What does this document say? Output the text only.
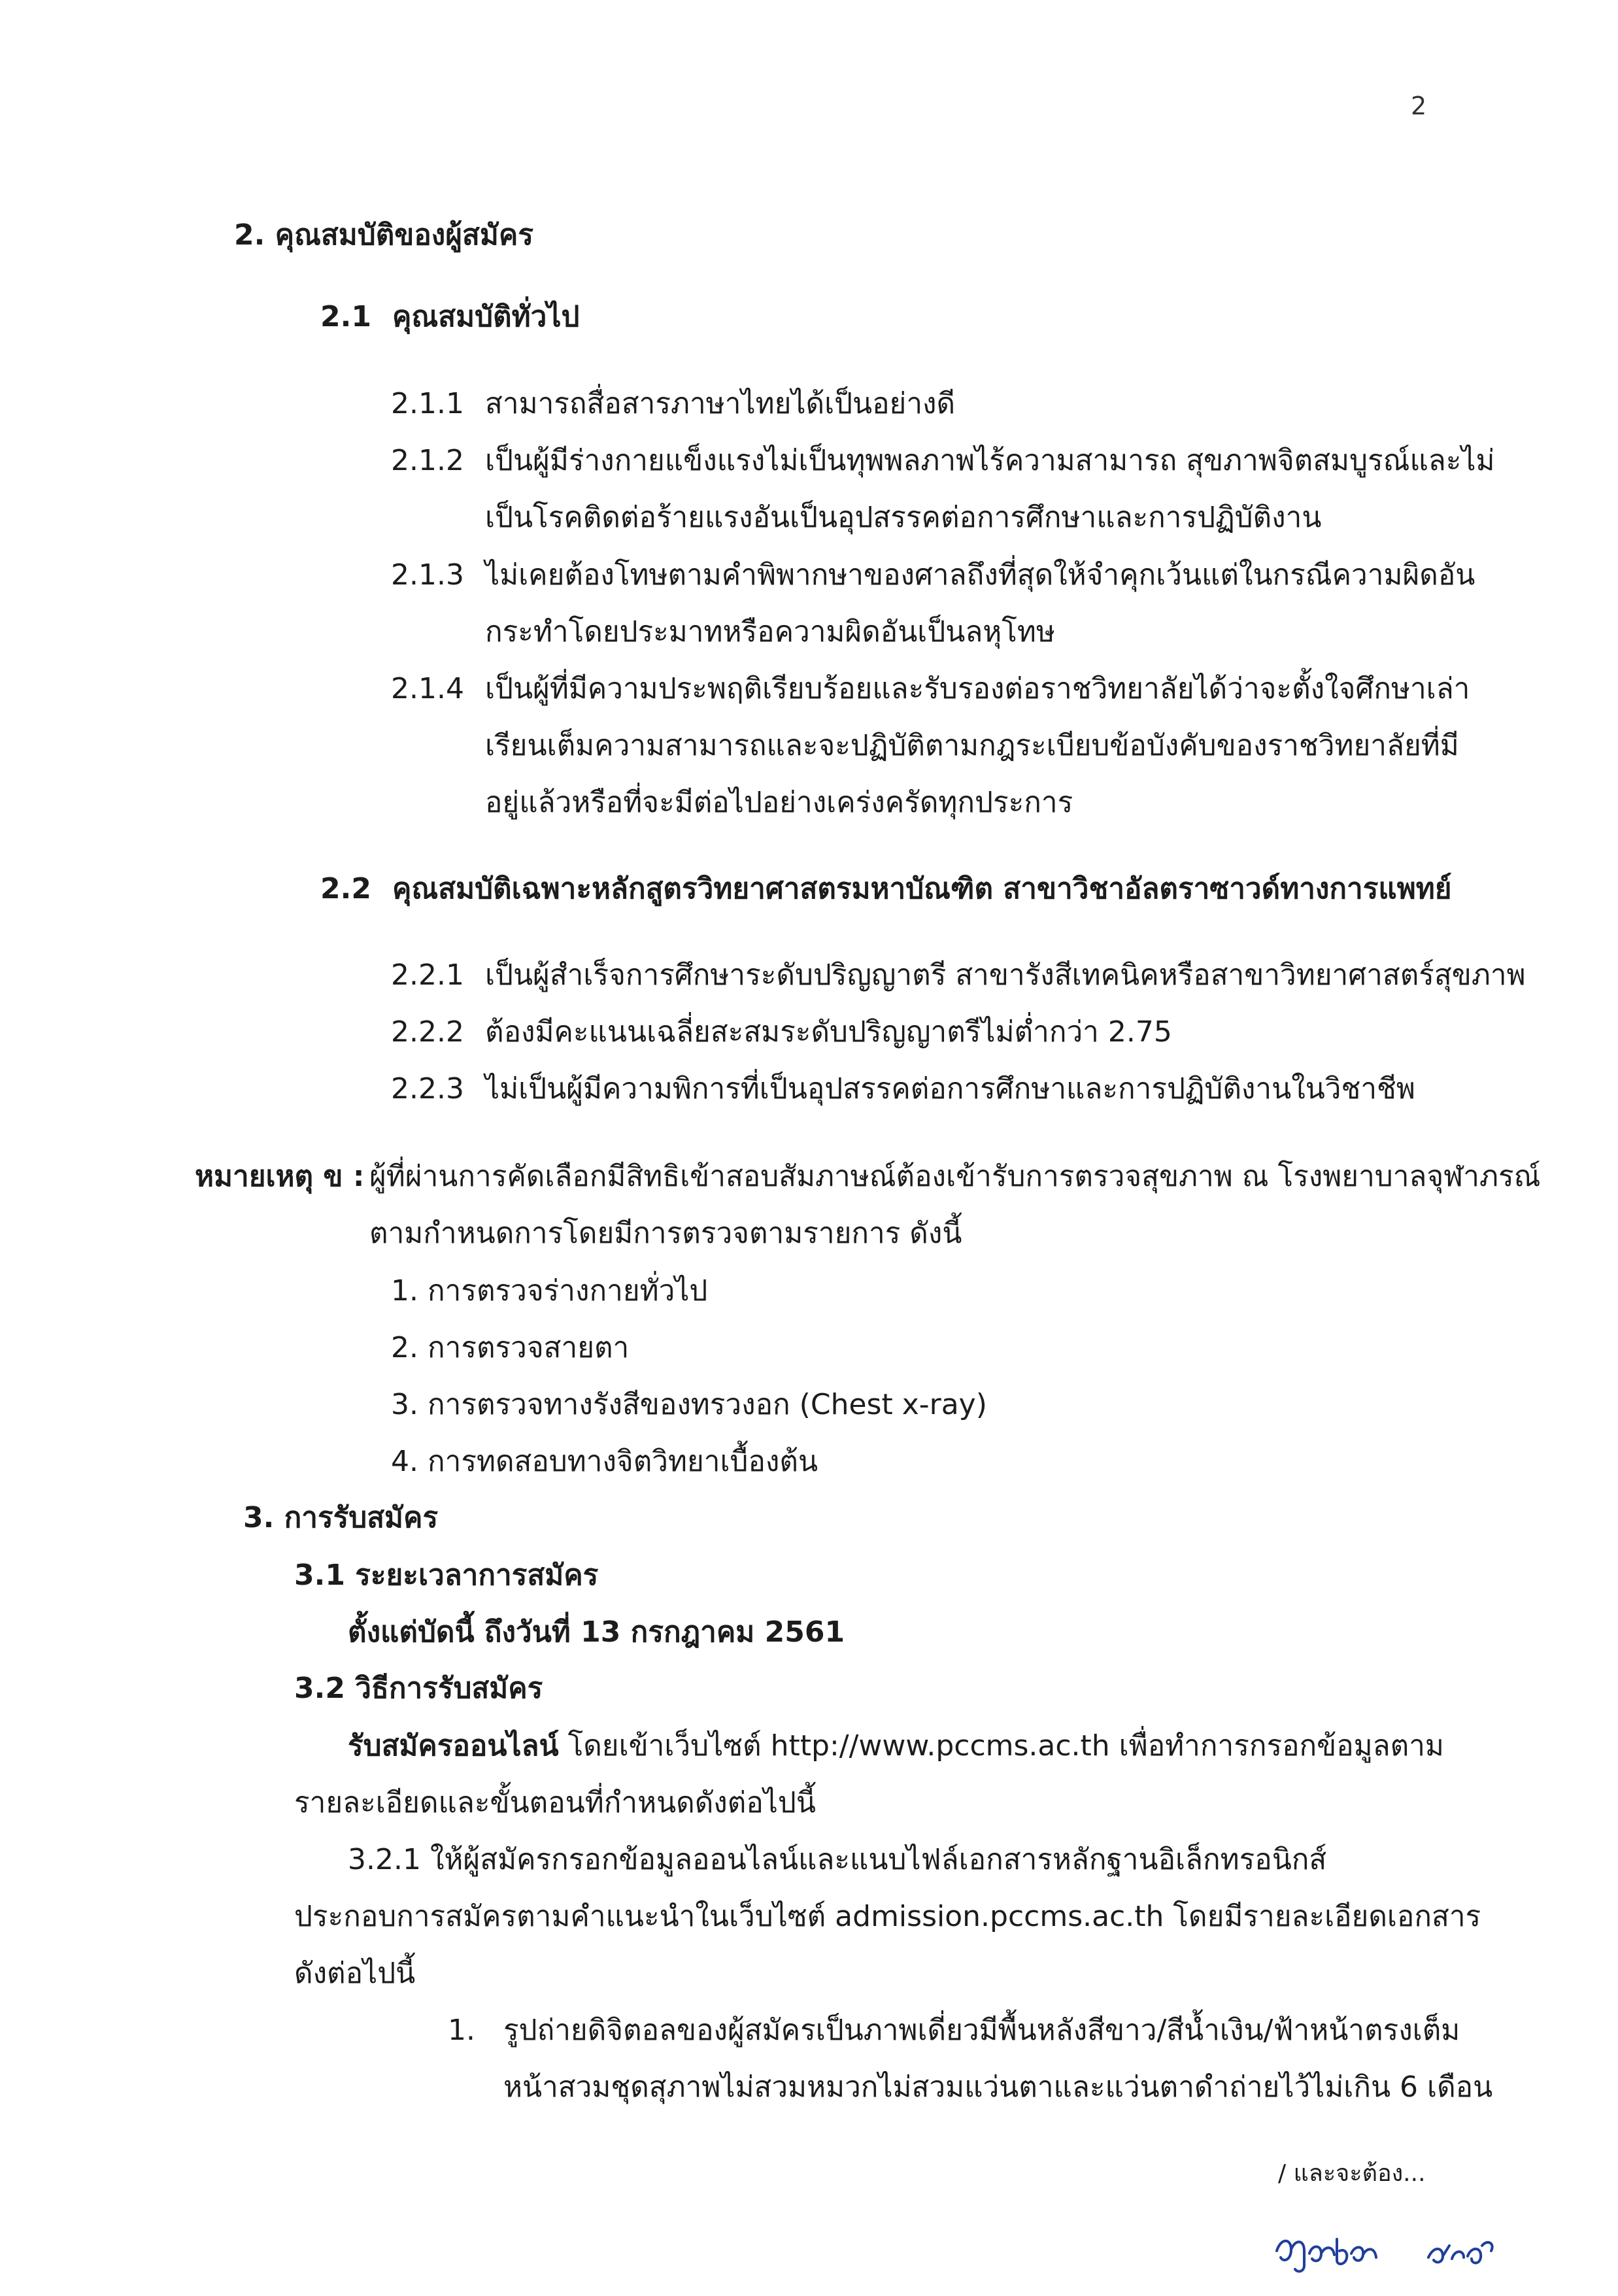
2
2. คุณสมบัติของผู้สมัคร
2.1 คุณสมบัติทั่วไป
2.1.1 สามารถสื่อสารภาษาไทยได้เป็นอย่างดี
2.1.2 เป็นผู้มีร่างกายแข็งแรงไม่เป็นทุพพลภาพไร้ความสามารถ สุขภาพจิตสมบูรณ์และไม่
เป็นโรคติดต่อร้ายแรงอันเป็นอุปสรรคต่อการศึกษาและการปฏิบัติงาน
2.1.3 ไม่เคยต้องโทษตามคำพิพากษาของศาลถึงที่สุดให้จำคุกเว้นแต่ในกรณีความผิดอัน
กระทำโดยประมาทหรือความผิดอันเป็นลหุโทษ
2.1.4 เป็นผู้ที่มีความประพฤติเรียบร้อยและรับรองต่อราชวิทยาลัยได้ว่าจะตั้งใจศึกษาเล่า
เรียนเต็มความสามารถและจะปฏิบัติตามกฎระเบียบข้อบังคับของราชวิทยาลัยที่มี
อยู่แล้วหรือที่จะมีต่อไปอย่างเคร่งครัดทุกประการ
2.2 คุณสมบัติเฉพาะหลักสูตรวิทยาศาสตรมหาบัณฑิต สาขาวิชาอัลตราซาวด์ทางการแพทย์
2.2.1 เป็นผู้สำเร็จการศึกษาระดับปริญญาตรี สาขารังสีเทคนิคหรือสาขาวิทยาศาสตร์สุขภาพ
2.2.2 ต้องมีคะแนนเฉลี่ยสะสมระดับปริญญาตรีไม่ต่ำกว่า 2.75
2.2.3 ไม่เป็นผู้มีความพิการที่เป็นอุปสรรคต่อการศึกษาและการปฏิบัติงานในวิชาชีพ
หมายเหตุ ข : ผู้ที่ผ่านการคัดเลือกมีสิทธิเข้าสอบสัมภาษณ์ต้องเข้ารับการตรวจสุขภาพ ณ โรงพยาบาลจุฬาภรณ์
ตามกำหนดการโดยมีการตรวจตามรายการ ดังนี้
1. การตรวจร่างกายทั่วไป
2. การตรวจสายตา
3. การตรวจทางรังสีของทรวงอก (Chest x-ray)
4. การทดสอบทางจิตวิทยาเบื้องต้น
3. การรับสมัคร
3.1 ระยะเวลาการสมัคร
ตั้งแต่บัดนี้ ถึงวันที่ 13 กรกฎาคม 2561
3.2 วิธีการรับสมัคร
รับสมัครออนไลน์ โดยเข้าเว็บไซต์ http://www.pccms.ac.th เพื่อทำการกรอกข้อมูลตาม
รายละเอียดและขั้นตอนที่กำหนดดังต่อไปนี้
3.2.1 ให้ผู้สมัครกรอกข้อมูลออนไลน์และแนบไฟล์เอกสารหลักฐานอิเล็กทรอนิกส์
ประกอบการสมัครตามคำแนะนำในเว็บไซต์ admission.pccms.ac.th โดยมีรายละเอียดเอกสาร
ดังต่อไปนี้
1. รูปถ่ายดิจิตอลของผู้สมัครเป็นภาพเดี่ยวมีพื้นหลังสีขาว/สีน้ำเงิน/ฟ้าหน้าตรงเต็ม
หน้าสวมชุดสุภาพไม่สวมหมวกไม่สวมแว่นตาและแว่นตาดำถ่ายไว้ไม่เกิน 6 เดือน
/ และจะต้อง...
